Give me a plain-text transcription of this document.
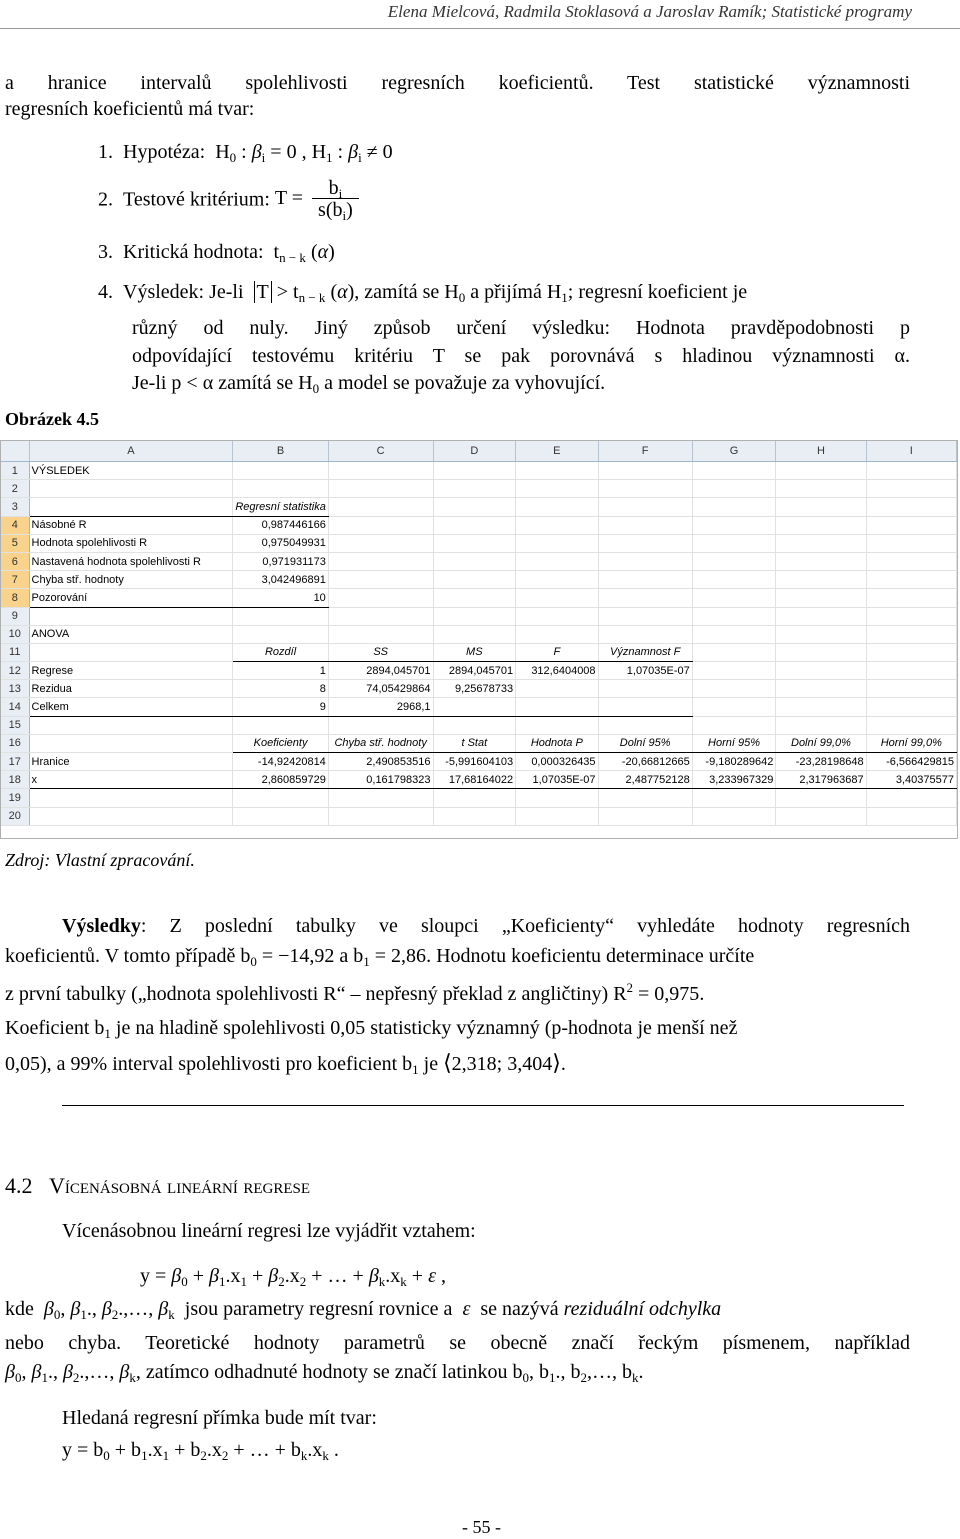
Elena Mielcová, Radmila Stoklasová a Jaroslav Ramík; Statistické programy
a hranice intervalů spolehlivosti regresních koeficientů. Test statistické významnosti
regresních koeficientů má tvar:
1.  Hypotéza:  $H_0$ : $\beta_i = 0$ , $H_1$ : $\beta_i \ne 0$
2.  Testové kritérium: $T = \frac{b_i}{s(b_i)}$
3.  Kritická hodnota:  $t_{n - k}$ (α)
4.  Výsledek: Je-li $T > t_{n - k}$ (α), zamítá se $H_0$ a přijímá $H_1$; regresní koeficient je
různý od nuly. Jiný způsob určení výsledku: Hodnota pravděpodobnosti p
odpovídající testovému kritériu T se pak porovnává s hladinou významnosti α.
Je-li p < α zamítá se $H_0$ a model se považuje za vyhovující.
Obrázek 4.5
	A	B	C	D	E	F	G	H	I
1	VÝSLEDEK								
2									
3		Regresní statistika							
4	Násobné R	0,987446166							
5	Hodnota spolehlivosti R	0,975049931							
6	Nastavená hodnota spolehlivosti R	0,971931173							
7	Chyba stř. hodnoty	3,042496891							
8	Pozorování	10							
9									
10	ANOVA								
11		Rozdíl	SS	MS	F	Významnost F			
12	Regrese	1	2894,045701	2894,045701	312,6404008	1,07035E-07			
13	Rezidua	8	74,05429864	9,25678733					
14	Celkem	9	2968,1						
15									
16		Koeficienty	Chyba stř. hodnoty	t Stat	Hodnota P	Dolní 95%	Horní 95%	Dolní 99,0%	Horní 99,0%
17	Hranice	-14,92420814	2,490853516	-5,991604103	0,000326435	-20,66812665	-9,180289642	-23,28198648	-6,566429815
18	x	2,860859729	0,161798323	17,68164022	1,07035E-07	2,487752128	3,233967329	2,317963687	3,40375577
19									
20									
Zdroj: Vlastní zpracování.
Výsledky: Z poslední tabulky ve sloupci „Koeficienty“ vyhledáte hodnoty regresních
koeficientů. V tomto případě $b_0 = -14,92$ a $b_1 = 2,86$. Hodnotu koeficientu determinace určíte
z první tabulky („hodnota spolehlivosti R“ – nepřesný překlad z angličtiny) $R^2 = 0,975$.
Koeficient $b_1$ je na hladině spolehlivosti 0,05 statisticky významný (p-hodnota je menší než
0,05), a 99% interval spolehlivosti pro koeficient $b_1$ je ⟨2,318; 3,404⟩.
4.2 Vícenásobná lineární regrese
Vícenásobnou lineární regresi lze vyjádřit vztahem:
$y = \beta_0 + \beta_1.x_1 + \beta_2.x_2$ + … + $\beta_k.x_k + \varepsilon$ ,
kde $\beta_0$, $\beta_1$., $\beta_2.,\dots$, $\beta_k$ jsou parametry regresní rovnice a ε se nazývá reziduální odchylka
nebo chyba. Teoretické hodnoty parametrů se obecně značí řeckým písmenem, například
$\beta_0$, $\beta_1$., $\beta_2.,\dots$, $\beta_k$, zatímco odhadnuté hodnoty se značí latinkou $b_0$, $b_1$., $b_2,\dots$, $b_k$.
Hledaná regresní přímka bude mít tvar:
$y = b_0 + b_1.x_1 + b_2.x_2$ + … + $b_k.x_k$ .
- 55 -
